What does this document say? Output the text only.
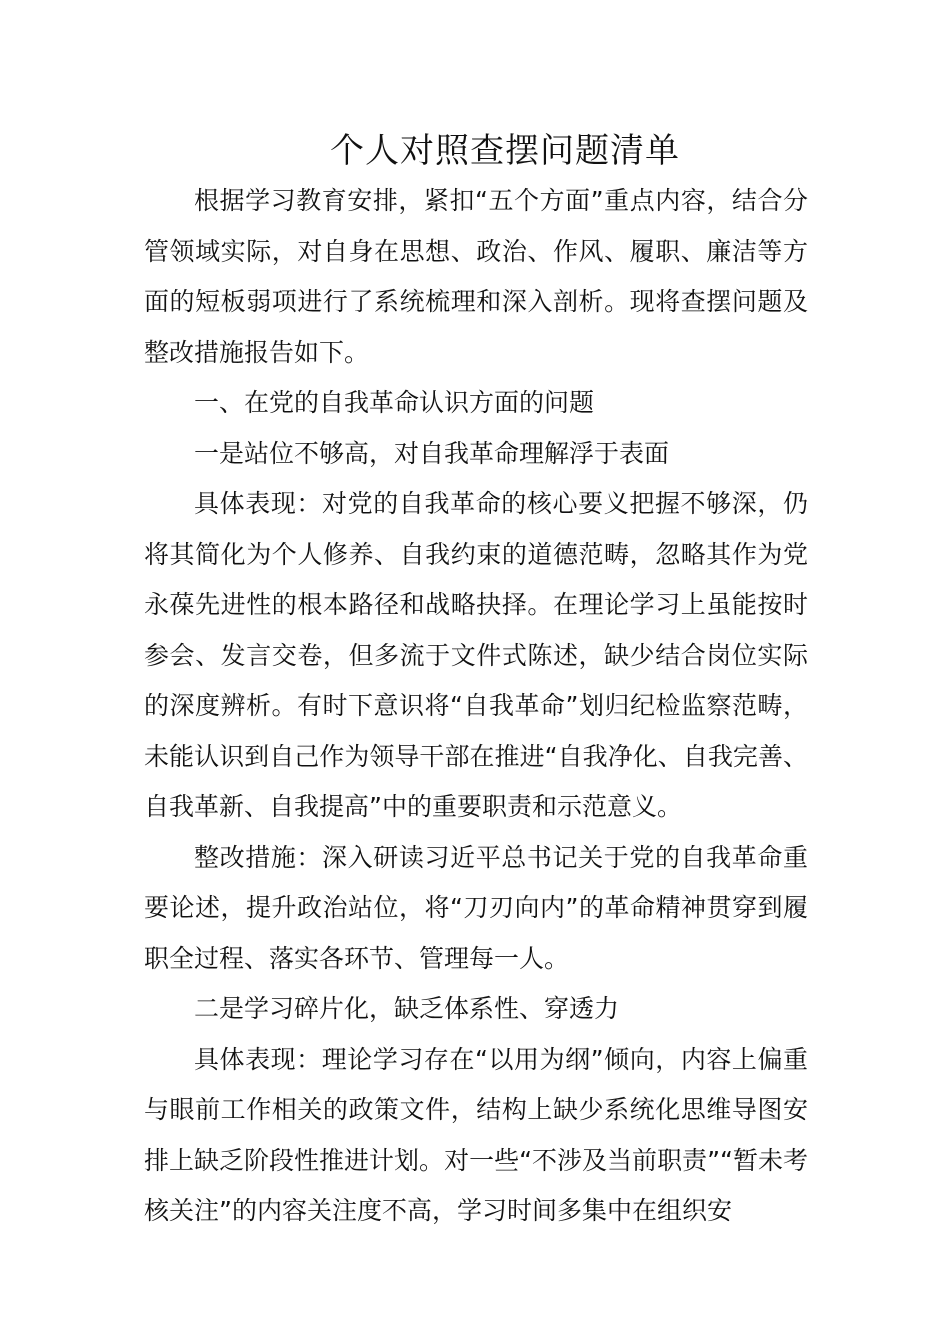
个人对照查摆问题清单

根据学习教育安排，紧扣“五个方面”重点内容，结合分管领域实际，对自身在思想、政治、作风、履职、廉洁等方面的短板弱项进行了系统梳理和深入剖析。现将查摆问题及整改措施报告如下。

一、在党的自我革命认识方面的问题

一是站位不够高，对自我革命理解浮于表面

具体表现：对党的自我革命的核心要义把握不够深，仍将其简化为个人修养、自我约束的道德范畴，忽略其作为党永葆先进性的根本路径和战略抉择。在理论学习上虽能按时参会、发言交卷，但多流于文件式陈述，缺少结合岗位实际的深度辨析。有时下意识将“自我革命”划归纪检监察范畴，未能认识到自己作为领导干部在推进“自我净化、自我完善、自我革新、自我提高”中的重要职责和示范意义。

整改措施：深入研读习近平总书记关于党的自我革命重要论述，提升政治站位，将“刀刃向内”的革命精神贯穿到履职全过程、落实各环节、管理每一人。

二是学习碎片化，缺乏体系性、穿透力

具体表现：理论学习存在“以用为纲”倾向，内容上偏重与眼前工作相关的政策文件，结构上缺少系统化思维导图安排上缺乏阶段性推进计划。对一些“不涉及当前职责”“暂未考核关注”的内容关注度不高，学习时间多集中在组织安
